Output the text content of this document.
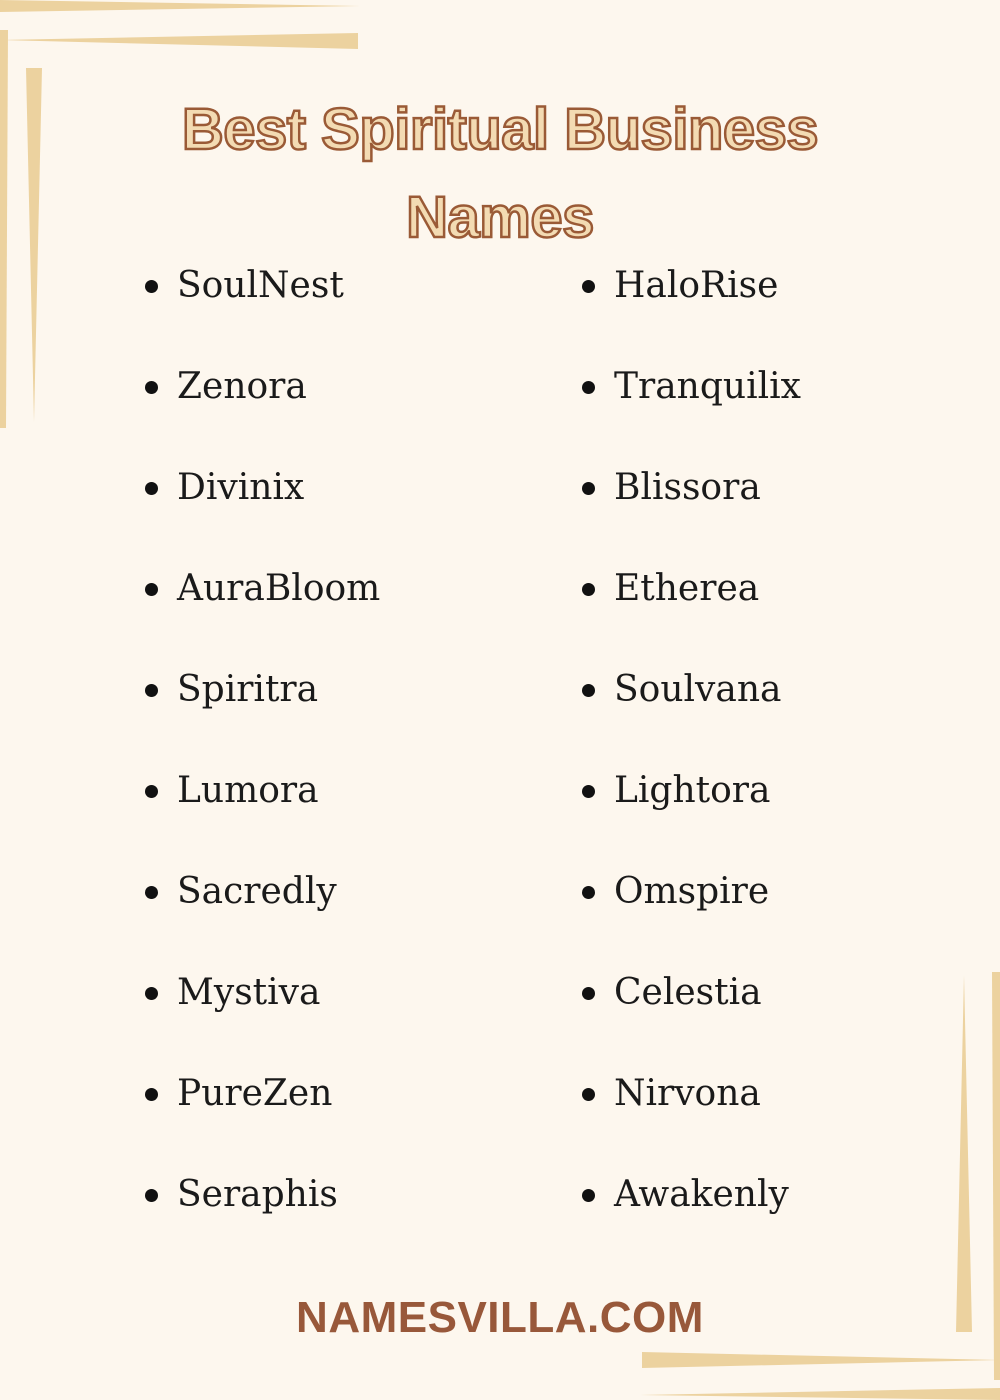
Best Spiritual Business
Names
SoulNest
Zenora
Divinix
AuraBloom
Spiritra
Lumora
Sacredly
Mystiva
PureZen
Seraphis
HaloRise
Tranquilix
Blissora
Etherea
Soulvana
Lightora
Omspire
Celestia
Nirvona
Awakenly
NAMESVILLA.COM
